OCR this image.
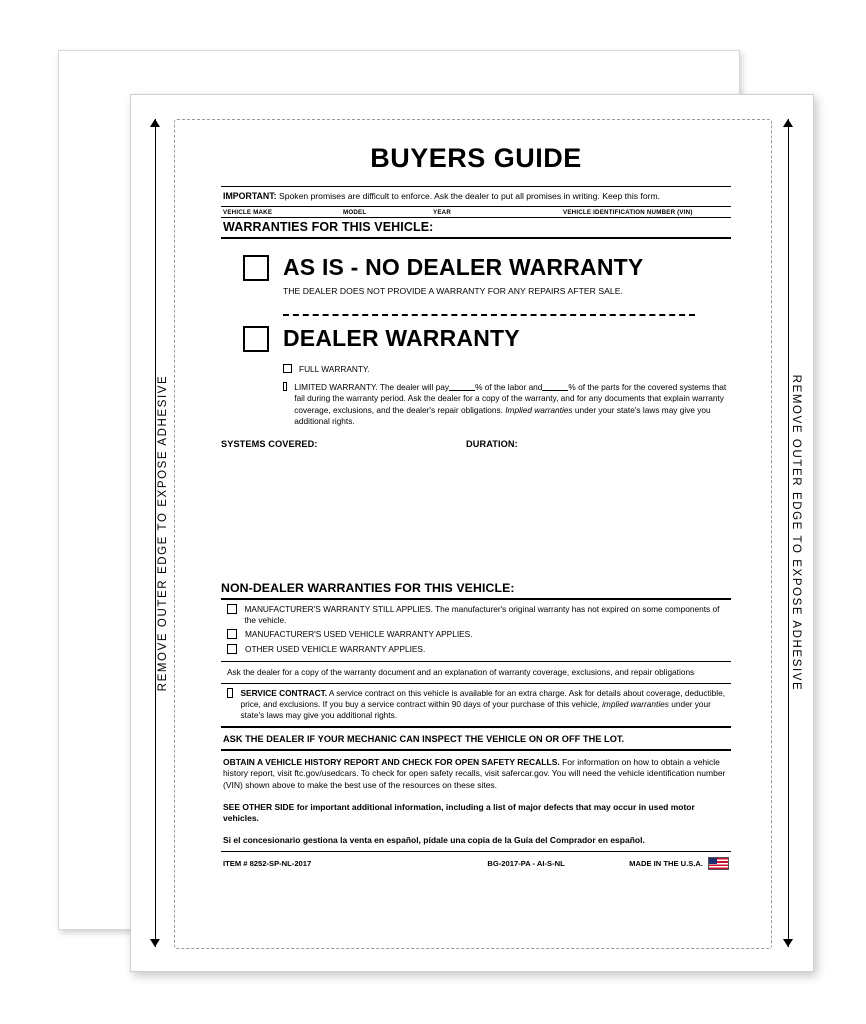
REMOVE OUTER EDGE TO EXPOSE ADHESIVE	REMOVE OUTER EDGE TO EXPOSE ADHESIVE
BUYERS GUIDE
IMPORTANT: Spoken promises are difficult to enforce. Ask the dealer to put all promises in writing. Keep this form.
VEHICLE MAKE	MODEL	YEAR	VEHICLE IDENTIFICATION NUMBER (VIN)
WARRANTIES FOR THIS VEHICLE:
AS IS - NO DEALER WARRANTY
THE DEALER DOES NOT PROVIDE A WARRANTY FOR ANY REPAIRS AFTER SALE.
DEALER WARRANTY
FULL WARRANTY.
LIMITED WARRANTY. The dealer will pay	% of the labor and	% of the parts for the covered systems that fail during the warranty period. Ask the dealer for a copy of the warranty, and for any documents that explain warranty coverage, exclusions, and the dealer's repair obligations. Implied warranties under your state's laws may give you additional rights.
SYSTEMS COVERED:	DURATION:
NON-DEALER WARRANTIES FOR THIS VEHICLE:
MANUFACTURER'S WARRANTY STILL APPLIES. The manufacturer's original warranty has not expired on some components of the vehicle.
MANUFACTURER'S USED VEHICLE WARRANTY APPLIES.
OTHER USED VEHICLE WARRANTY APPLIES.
Ask the dealer for a copy of the warranty document and an explanation of warranty coverage, exclusions, and repair obligations
SERVICE CONTRACT. A service contract on this vehicle is available for an extra charge. Ask for details about coverage, deductible, price, and exclusions. If you buy a service contract within 90 days of your purchase of this vehicle, implied warranties under your state's laws may give you additional rights.
ASK THE DEALER IF YOUR MECHANIC CAN INSPECT THE VEHICLE ON OR OFF THE LOT.
OBTAIN A VEHICLE HISTORY REPORT AND CHECK FOR OPEN SAFETY RECALLS. For information on how to obtain a vehicle history report, visit ftc.gov/usedcars. To check for open safety recalls, visit safercar.gov. You will need the vehicle identification number (VIN) shown above to make the best use of the resources on these sites.
SEE OTHER SIDE for important additional information, including a list of major defects that may occur in used motor vehicles.
Si el concesionario gestiona la venta en español, pídale una copia de la Guía del Comprador en español.
ITEM # 8252-SP-NL-2017	BG-2017-PA - AI-S-NL	MADE IN THE U.S.A.
